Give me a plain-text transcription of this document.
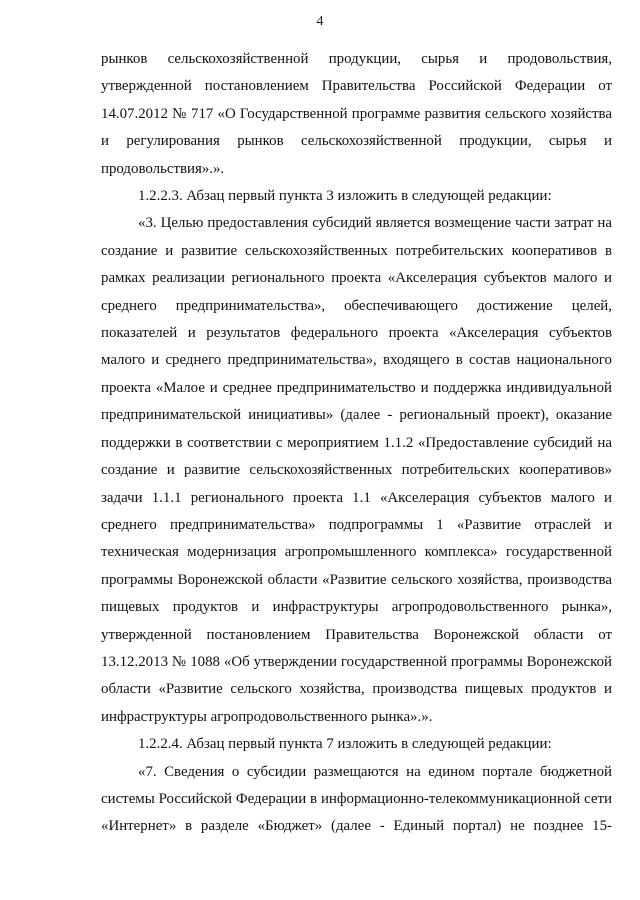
4

рынков сельскохозяйственной продукции, сырья и продовольствия, утвержденной постановлением Правительства Российской Федерации от 14.07.2012 № 717 «О Государственной программе развития сельского хозяйства и регулирования рынков сельскохозяйственной продукции, сырья и продовольствия».».

1.2.2.3. Абзац первый пункта 3 изложить в следующей редакции:

«3. Целью предоставления субсидий является возмещение части затрат на создание и развитие сельскохозяйственных потребительских кооперативов в рамках реализации регионального проекта «Акселерация субъектов малого и среднего предпринимательства», обеспечивающего достижение целей, показателей и результатов федерального проекта «Акселерация субъектов малого и среднего предпринимательства», входящего в состав национального проекта «Малое и среднее предпринимательство и поддержка индивидуальной предпринимательской инициативы» (далее - региональный проект), оказание поддержки в соответствии с мероприятием 1.1.2 «Предоставление субсидий на создание и развитие сельскохозяйственных потребительских кооперативов» задачи 1.1.1 регионального проекта 1.1 «Акселерация субъектов малого и среднего предпринимательства» подпрограммы 1 «Развитие отраслей и техническая модернизация агропромышленного комплекса» государственной программы Воронежской области «Развитие сельского хозяйства, производства пищевых продуктов и инфраструктуры агропродовольственного рынка», утвержденной постановлением Правительства Воронежской области от 13.12.2013 № 1088 «Об утверждении государственной программы Воронежской области «Развитие сельского хозяйства, производства пищевых продуктов и инфраструктуры агропродовольственного рынка».».

1.2.2.4. Абзац первый пункта 7 изложить в следующей редакции:

«7. Сведения о субсидии размещаются на едином портале бюджетной системы Российской Федерации в информационно-телекоммуникационной сети «Интернет» в разделе «Бюджет» (далее - Единый портал) не позднее 15-
